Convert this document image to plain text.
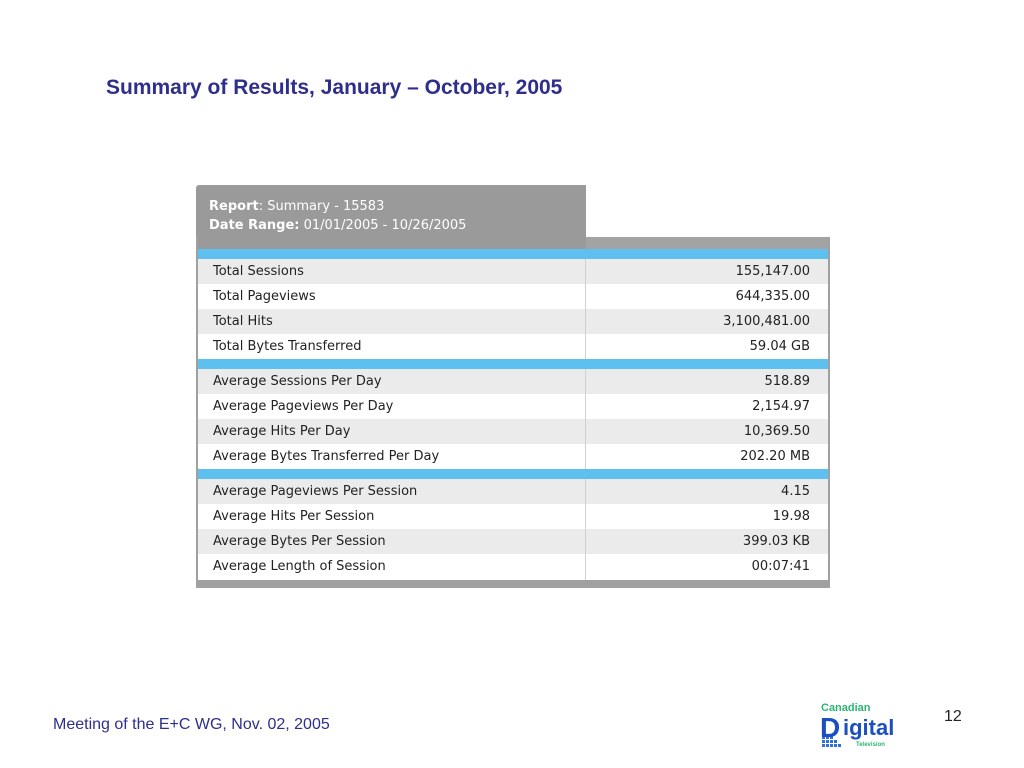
Summary of Results, January – October, 2005
Report: Summary - 15583
Date Range: 01/01/2005 - 10/26/2005
Total Sessions	155,147.00
Total Pageviews	644,335.00
Total Hits	3,100,481.00
Total Bytes Transferred	59.04 GB
Average Sessions Per Day	518.89
Average Pageviews Per Day	2,154.97
Average Hits Per Day	10,369.50
Average Bytes Transferred Per Day	202.20 MB
Average Pageviews Per Session	4.15
Average Hits Per Session	19.98
Average Bytes Per Session	399.03 KB
Average Length of Session	00:07:41
Meeting of the E+C WG, Nov. 02, 2005
Canadian
D igital
Television
12
